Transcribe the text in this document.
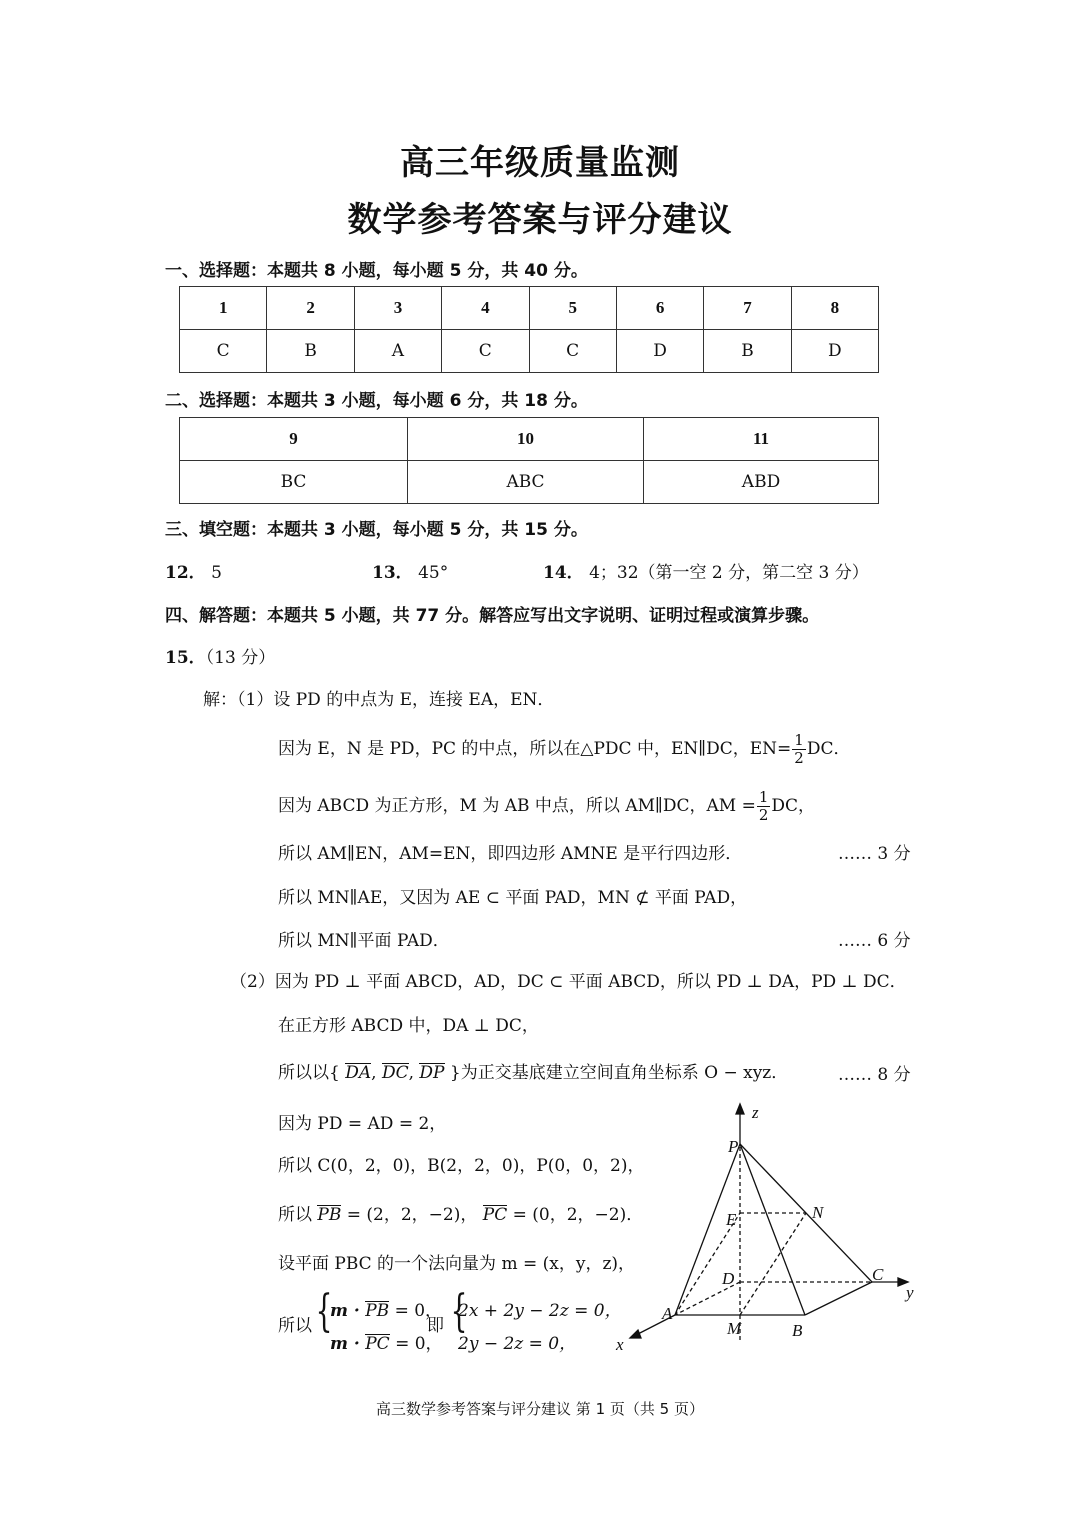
高三年级质量监测
数学参考答案与评分建议
一、选择题：本题共 8 小题，每小题 5 分，共 40 分。
1	2	3	4	5	6	7	8
C	B	A	C	C	D	B	D
二、选择题：本题共 3 小题，每小题 6 分，共 18 分。
9	10	11
BC	ABC	ABD
三、填空题：本题共 3 小题，每小题 5 分，共 15 分。
12． 5	13． 45°	14． 4；32（第一空 2 分，第二空 3 分）
四、解答题：本题共 5 小题，共 77 分。解答应写出文字说明、证明过程或演算步骤。
15．（13 分）
解：（1）设 PD 的中点为 E，连接 EA，EN．
因为 E，N 是 PD，PC 的中点，所以在△PDC 中，EN∥DC，$EN= \frac{1}{2}$ DC．
因为 ABCD 为正方形，M 为 AB 中点，所以 AM∥DC，AM = $\frac{1}{2}$ DC，
所以 AM∥EN，AM=EN，即四边形 AMNE 是平行四边形．	…… 3 分
所以 MN∥AE，又因为 AE ⊂ 平面 PAD，MN ⊄ 平面 PAD，
所以 MN∥平面 PAD．	…… 6 分
（2）因为 PD ⊥ 平面 ABCD，AD，DC ⊂ 平面 ABCD，所以 PD ⊥ DA，PD ⊥ DC．
在正方形 ABCD 中，DA ⊥ DC，
所以以{ DA, DC, DP }为正交基底建立空间直角坐标系 O − xyz．	…… 8 分
因为 PD = AD = 2，
所以 C(0，2，0)，B(2，2，0)，P(0，0，2)，
所以 PB = (2，2，−2)， PC = (0，2，−2)．
设平面 PBC 的一个法向量为 m = (x，y，z)，
所以 {
m · PB = 0，
m · PC = 0，
即 {
2x + 2y − 2z = 0，
2y − 2z = 0，
z
P
N
E
D	C
y
A
M	B
x
高三数学参考答案与评分建议 第 1 页（共 5 页）
